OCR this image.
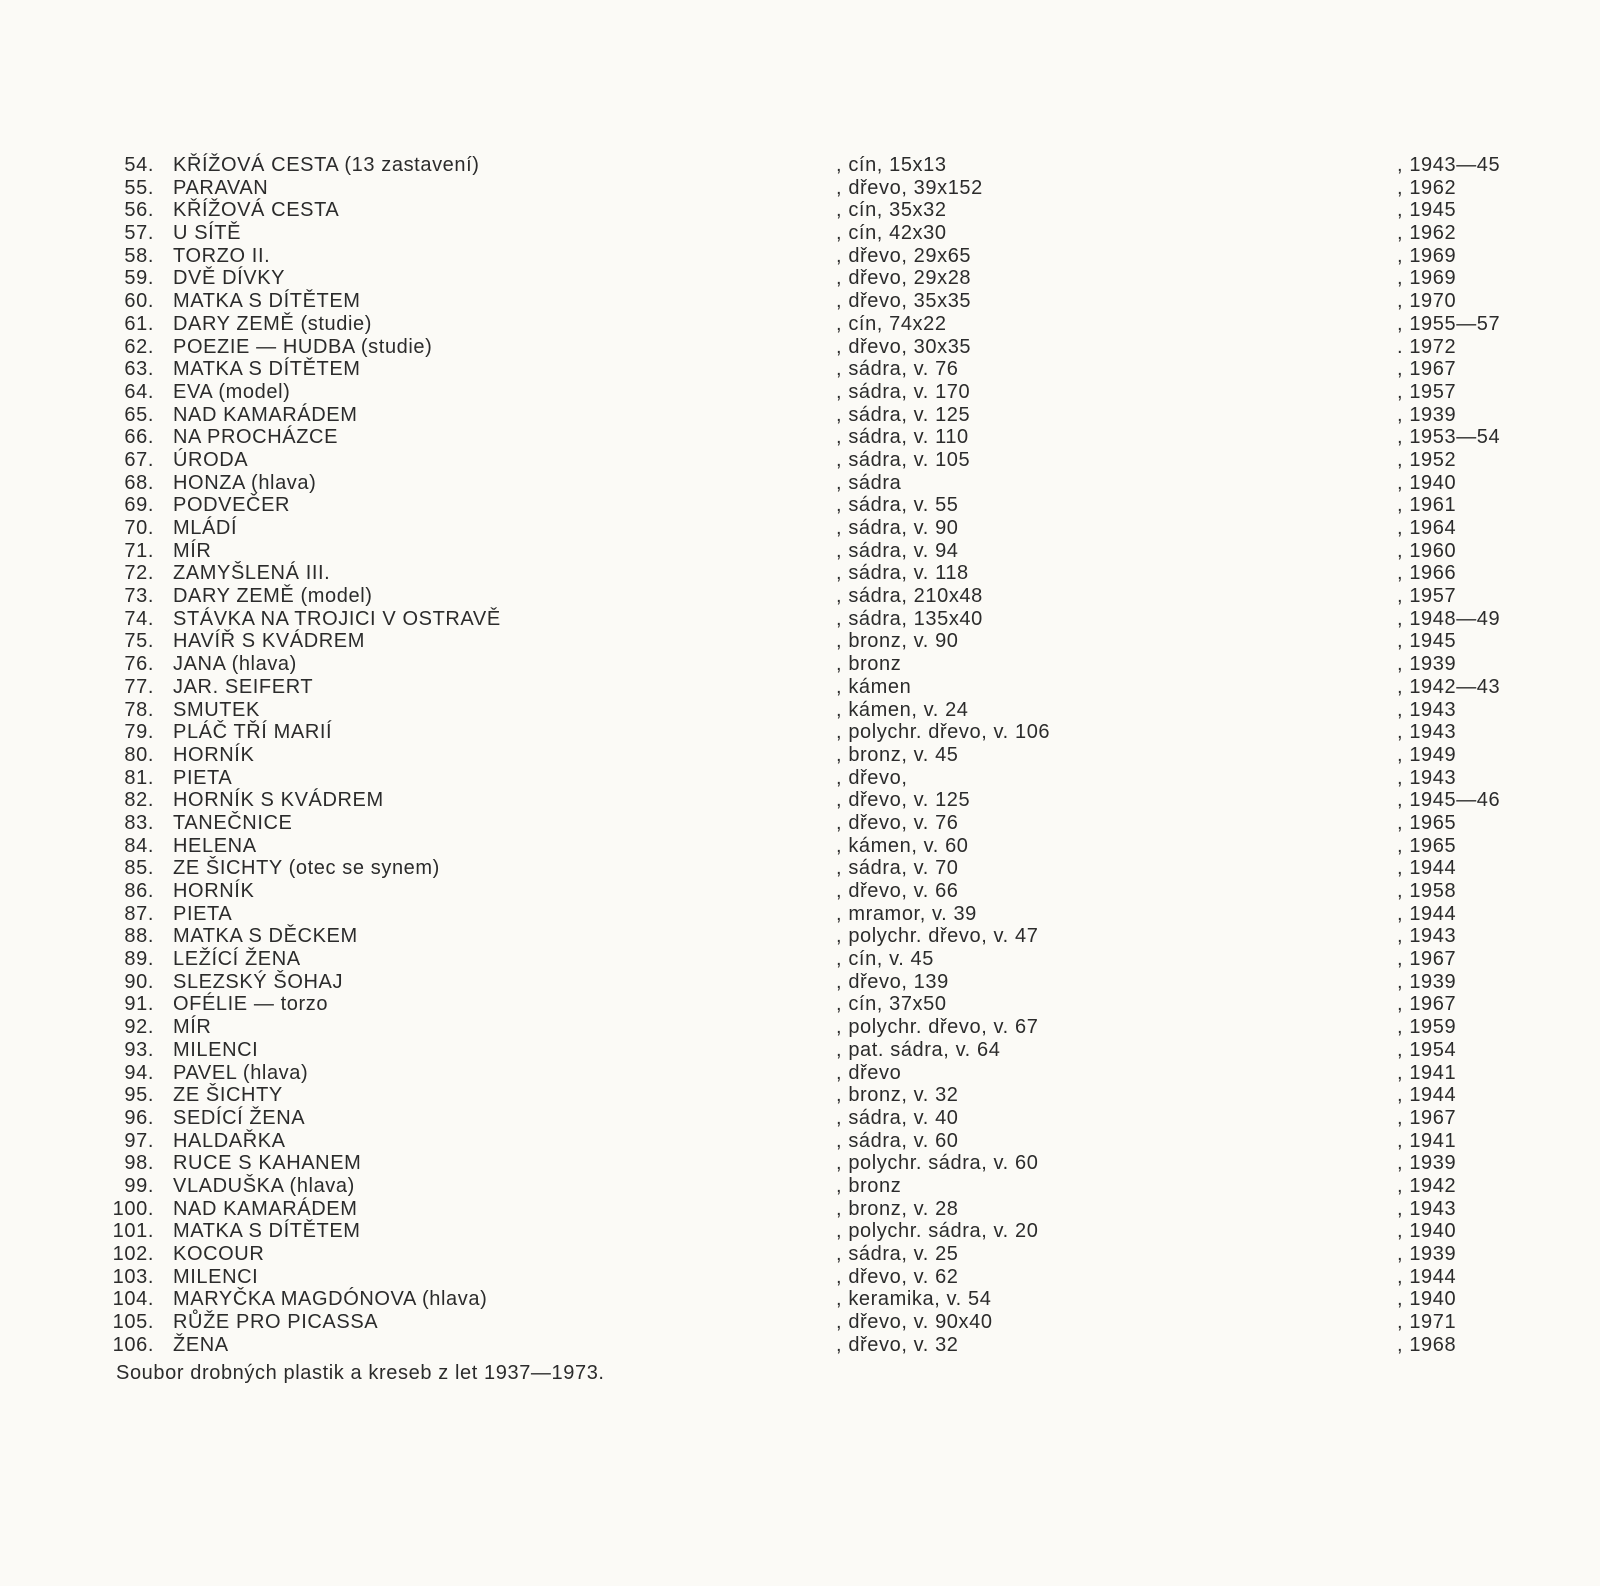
54. KŘÍŽOVÁ CESTA (13 zastavení)	, cín, 15x13	, 1943—45
55. PARAVAN	, dřevo, 39x152	, 1962
56. KŘÍŽOVÁ CESTA	, cín, 35x32	, 1945
57. U SÍTĚ	, cín, 42x30	, 1962
58. TORZO II.	, dřevo, 29x65	, 1969
59. DVĚ DÍVKY	, dřevo, 29x28	, 1969
60. MATKA S DÍTĚTEM	, dřevo, 35x35	, 1970
61. DARY ZEMĚ (studie)	, cín, 74x22	, 1955—57
62. POEZIE — HUDBA (studie)	, dřevo, 30x35	. 1972
63. MATKA S DÍTĚTEM	, sádra, v. 76	, 1967
64. EVA (model)	, sádra, v. 170	, 1957
65. NAD KAMARÁDEM	, sádra, v. 125	, 1939
66. NA PROCHÁZCE	, sádra, v. 110	, 1953—54
67. ÚRODA	, sádra, v. 105	, 1952
68. HONZA (hlava)	, sádra	, 1940
69. PODVEČER	, sádra, v. 55	, 1961
70. MLÁDÍ	, sádra, v. 90	, 1964
71. MÍR	, sádra, v. 94	, 1960
72. ZAMYŠLENÁ III.	, sádra, v. 118	, 1966
73. DARY ZEMĚ (model)	, sádra, 210x48	, 1957
74. STÁVKA NA TROJICI V OSTRAVĚ	, sádra, 135x40	, 1948—49
75. HAVÍŘ S KVÁDREM	, bronz, v. 90	, 1945
76. JANA (hlava)	, bronz	, 1939
77. JAR. SEIFERT	, kámen	, 1942—43
78. SMUTEK	, kámen, v. 24	, 1943
79. PLÁČ TŘÍ MARIÍ	, polychr. dřevo, v. 106	, 1943
80. HORNÍK	, bronz, v. 45	, 1949
81. PIETA	, dřevo,	, 1943
82. HORNÍK S KVÁDREM	, dřevo, v. 125	, 1945—46
83. TANEČNICE	, dřevo, v. 76	, 1965
84. HELENA	, kámen, v. 60	, 1965
85. ZE ŠICHTY (otec se synem)	, sádra, v. 70	, 1944
86. HORNÍK	, dřevo, v. 66	, 1958
87. PIETA	, mramor, v. 39	, 1944
88. MATKA S DĚCKEM	, polychr. dřevo, v. 47	, 1943
89. LEŽÍCÍ ŽENA	, cín, v. 45	, 1967
90. SLEZSKÝ ŠOHAJ	, dřevo, 139	, 1939
91. OFÉLIE — torzo	, cín, 37x50	, 1967
92. MÍR	, polychr. dřevo, v. 67	, 1959
93. MILENCI	, pat. sádra, v. 64	, 1954
94. PAVEL (hlava)	, dřevo	, 1941
95. ZE ŠICHTY	, bronz, v. 32	, 1944
96. SEDÍCÍ ŽENA	, sádra, v. 40	, 1967
97. HALDAŘKA	, sádra, v. 60	, 1941
98. RUCE S KAHANEM	, polychr. sádra, v. 60	, 1939
99. VLADUŠKA (hlava)	, bronz	, 1942
100. NAD KAMARÁDEM	, bronz, v. 28	, 1943
101. MATKA S DÍTĚTEM	, polychr. sádra, v. 20	, 1940
102. KOCOUR	, sádra, v. 25	, 1939
103. MILENCI	, dřevo, v. 62	, 1944
104. MARYČKA MAGDÓNOVA (hlava)	, keramika, v. 54	, 1940
105. RŮŽE PRO PICASSA	, dřevo, v. 90x40	, 1971
106. ŽENA	, dřevo, v. 32	, 1968
Soubor drobných plastik a kreseb z let 1937—1973.
